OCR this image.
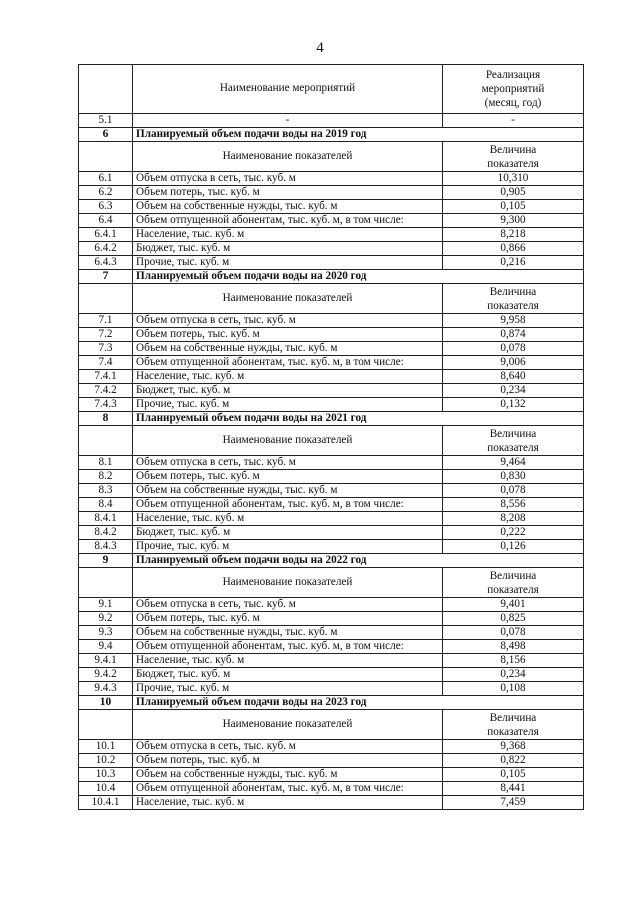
4
	Наименование мероприятий	Реализация
мероприятий
(месяц, год)
5.1	-	-
6	Планируемый объем подачи воды на 2019 год	
	Наименование показателей	Величина
показателя
6.1	Объем отпуска в сеть, тыс. куб. м	10,310
6.2	Объем потерь, тыс. куб. м	0,905
6.3	Объем на собственные нужды, тыс. куб. м	0,105
6.4	Объем отпущенной абонентам, тыс. куб. м, в том числе:	9,300
6.4.1	Население, тыс. куб. м	8,218
6.4.2	Бюджет, тыс. куб. м	0,866
6.4.3	Прочие, тыс. куб. м	0,216
7	Планируемый объем подачи воды на 2020 год	
	Наименование показателей	Величина
показателя
7.1	Объем отпуска в сеть, тыс. куб. м	9,958
7.2	Объем потерь, тыс. куб. м	0,874
7.3	Объем на собственные нужды, тыс. куб. м	0,078
7.4	Объем отпущенной абонентам, тыс. куб. м, в том числе:	9,006
7.4.1	Население, тыс. куб. м	8,640
7.4.2	Бюджет, тыс. куб. м	0,234
7.4.3	Прочие, тыс. куб. м	0,132
8	Планируемый объем подачи воды на 2021 год	
	Наименование показателей	Величина
показателя
8.1	Объем отпуска в сеть, тыс. куб. м	9,464
8.2	Объем потерь, тыс. куб. м	0,830
8.3	Объем на собственные нужды, тыс. куб. м	0,078
8.4	Объем отпущенной абонентам, тыс. куб. м, в том числе:	8,556
8.4.1	Население, тыс. куб. м	8,208
8.4.2	Бюджет, тыс. куб. м	0,222
8.4.3	Прочие, тыс. куб. м	0,126
9	Планируемый объем подачи воды на 2022 год	
	Наименование показателей	Величина
показателя
9.1	Объем отпуска в сеть, тыс. куб. м	9,401
9.2	Объем потерь, тыс. куб. м	0,825
9.3	Объем на собственные нужды, тыс. куб. м	0,078
9.4	Объем отпущенной абонентам, тыс. куб. м, в том числе:	8,498
9.4.1	Население, тыс. куб. м	8,156
9.4.2	Бюджет, тыс. куб. м	0,234
9.4.3	Прочие, тыс. куб. м	0,108
10	Планируемый объем подачи воды на 2023 год	
	Наименование показателей	Величина
показателя
10.1	Объем отпуска в сеть, тыс. куб. м	9,368
10.2	Объем потерь, тыс. куб. м	0,822
10.3	Объем на собственные нужды, тыс. куб. м	0,105
10.4	Объем отпущенной абонентам, тыс. куб. м, в том числе:	8,441
10.4.1	Население, тыс. куб. м	7,459
